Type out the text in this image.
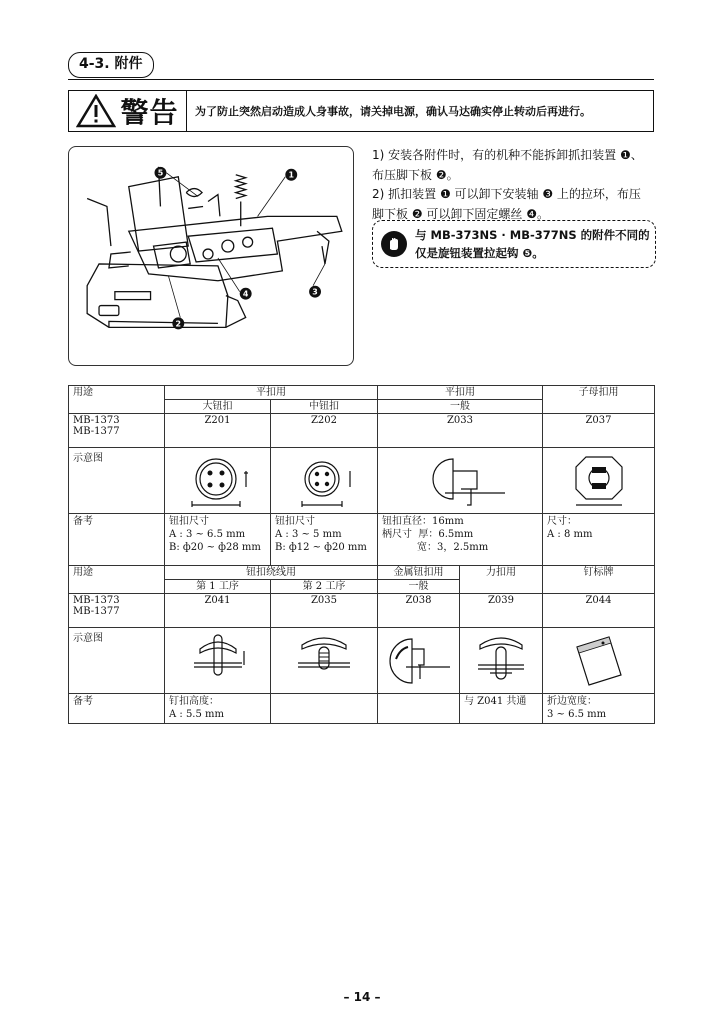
4-3. 附件
警告	为了防止突然启动造成人身事故，请关掉电源，确认马达确实停止转动后再进行。
5	1
4	3
2
1) 安装各附件时，有的机种不能拆卸抓扣装置 ❶、
布压脚下板 ❷。
2) 抓扣装置 ❶ 可以卸下安装轴 ❸ 上的拉环，布压
脚下板 ❷ 可以卸下固定螺丝 ❹。
与 MB-373NS · MB-377NS 的附件不同的
仅是旋钮装置拉起钩 ❺。
用途	平扣用		平扣用		子母扣用
	大钮扣	中钮扣	一般		
MB-1373
MB-1377	Z201	Z202	Z033		Z037
示意图	

备考	钮扣尺寸
A : 3 ~ 6.5 mm
B: ф20 ~ ф28 mm	钮扣尺寸
A : 3 ~ 5 mm
B: ф12 ~ ф20 mm	钮扣直径：16mm
柄尺寸  厚：6.5mm
宽：3，2.5mm		尺寸：
A : 8 mm
用途	钮扣绕线用		金属钮扣用	力扣用	钉标牌
	第 1 工序	第 2 工序	一般		
MB-1373
MB-1377	Z041	Z035	Z038	Z039	Z044
示意图	

备考	钉扣高度：
A : 5.5 mm			与 Z041 共通	折边宽度：
3 ~ 6.5 mm
– 14 –
